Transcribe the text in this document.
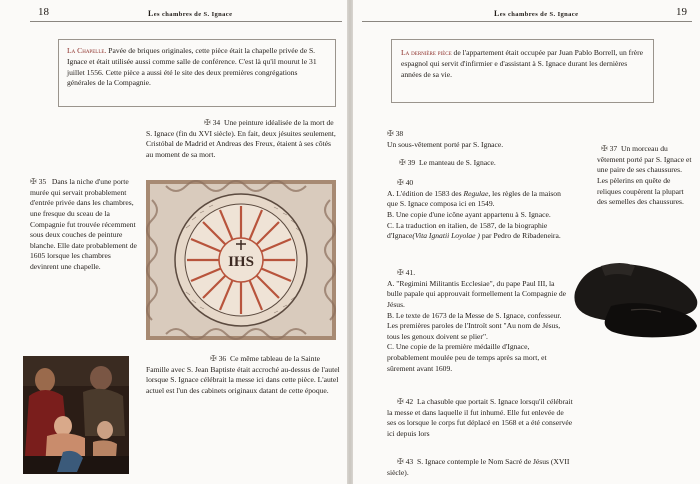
18	Les chambres de S. Ignace
La Chapelle. Pavée de briques originales, cette pièce était la chapelle privée de S. Ignace et était utilisée aussi comme salle de conférence. C'est là qu'il mourut le 31 juillet 1556. Cette pièce a aussi été le site des deux premières congrégations générales de la Compagnie.
✠ 34 Une peinture idéalisée de la mort de S. Ignace (fin du XVI siècle). En fait, deux jésuites seulement, Cristóbal de Madrid et Andreas des Freux, étaient à ses côtés au moment de sa mort.
✠ 35 Dans la niche d'une porte murée qui servait probablement d'entrée privée dans les chambres, une fresque du sceau de la Compagnie fut trouvée récemment sous deux couches de peinture blanche. Elle date probablement de 1605 lorsque les chambres devinrent une chapelle.	IHS
✠ 36 Ce même tableau de la Sainte Famille avec S. Jean Baptiste était accroché au-dessus de l'autel lorsque S. Ignace célébrait la messe ici dans cette pièce. L'autel actuel est l'un des cabinets originaux datant de cette époque.
Les chambres de S. Ignace	19
La dernière pièce de l'appartement était occupée par Juan Pablo Borrell, un frère espagnol qui servit d'infirmier e d'assistant à S. Ignace durant les dernières années de sa vie.
✠ 38
Un sous-vêtement porté par S. Ignace.
✠ 39 Le manteau de S. Ignace.
✠ 40
A. L'édition de 1583 des Regulae, les règles de la maison que S. Ignace composa ici en 1549.
B. Une copie d'une icône ayant appartenu à S. Ignace.
C. La traduction en italien, de 1587, de la biographie d'Ignace(Vita Ignatii Loyolae ) par Pedro de Ribadeneira.
✠ 41.
A. "Regimini Militantis Ecclesiae", du pape Paul III, la bulle papale qui approuvait formellement la Compagnie de Jésus.
B. Le texte de 1673 de la Messe de S. Ignace, confesseur. Les premières paroles de l'Introït sont "Au nom de Jésus, tous les genoux doivent se plier".
C. Une copie de la première médaille d'Ignace, probablement moulée peu de temps après sa mort, et sûrement avant 1609.
✠ 42 La chasuble que portait S. Ignace lorsqu'il célébrait la messe et dans laquelle il fut inhumé. Elle fut enlevée de ses os lorsque le corps fut déplacé en 1568 et a été conservée ici depuis lors
✠ 43 S. Ignace contemple le Nom Sacré de Jésus (XVII siècle).
✠ 37 Un morceau du vêtement porté par S. Ignace et une paire de ses chaussures. Les pèlerins en quête de reliques coupèrent la plupart des semelles des chaussures.
